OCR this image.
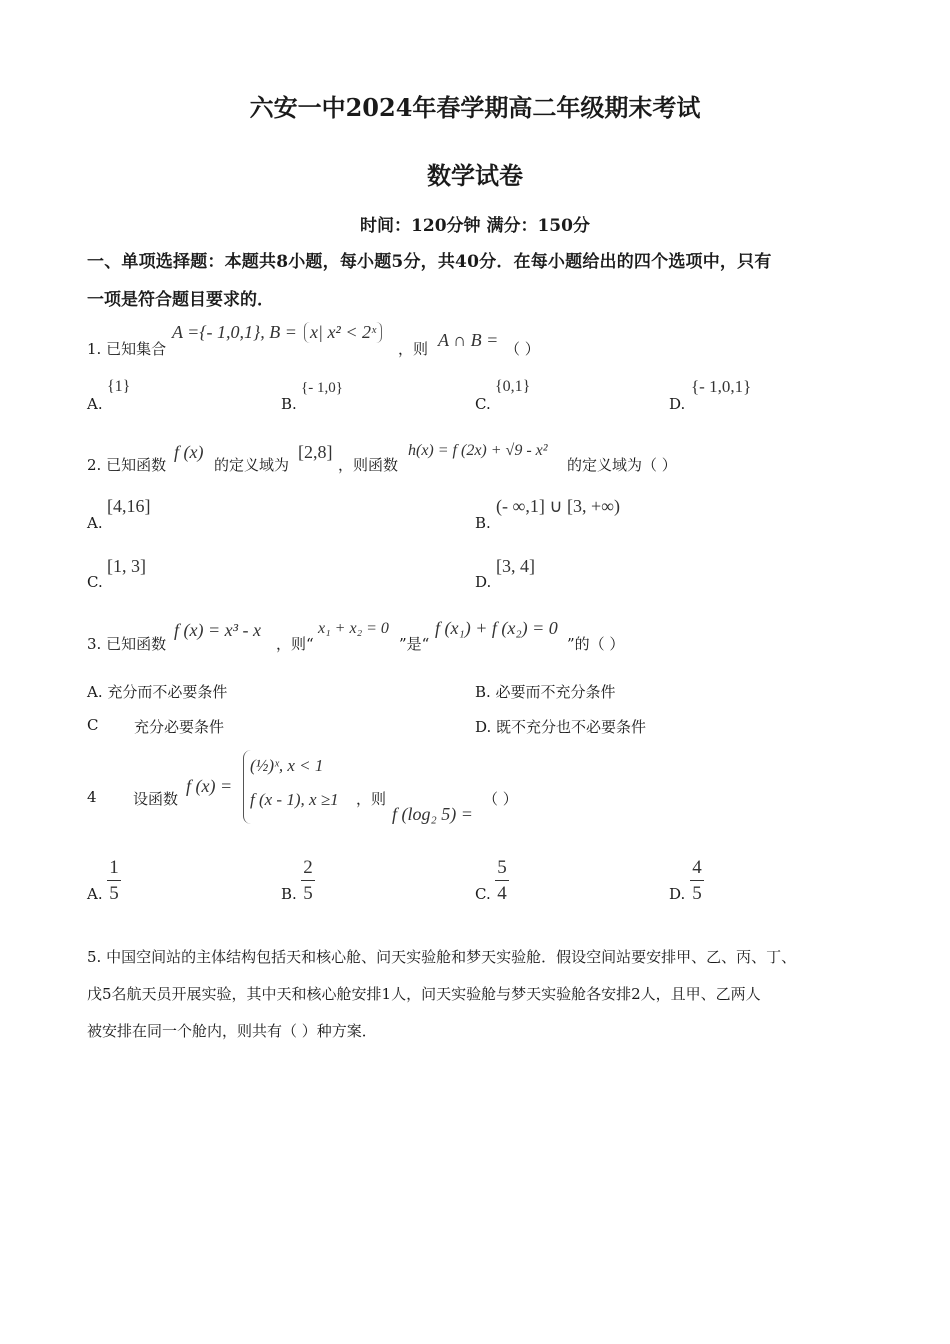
六安一中2024年春学期高二年级期末考试
数学试卷
时间：120分钟 满分：150分
一、单项选择题：本题共8小题，每小题5分，共40分．在每小题给出的四个选项中，只有
一项是符合题目要求的．
1. 已知集合
A ={- 1,0,1}, B = x| x² < 2ˣ
，则 A ∩ B = （ ）
A.
{1}
B.
{- 1,0}
C.
{0,1}
D.
{- 1,0,1}
2. 已知函数
f (x)
的定义域为
[2,8]
，则函数
h(x) = f (2x) + √9 - x²
的定义域为（ ）
A.
[4,16]
B.
(- ∞,1] ∪ [3, +∞)
C.
[1, 3]
D.
[3, 4]
3. 已知函数
f (x) = x³ - x
，则“
x₁ + x₂ = 0
”是“
f (x₁) + f (x₂) = 0
”的（ ）
A. 充分而不必要条件	B. 必要而不充分条件
C 充分必要条件	D. 既不充分也不必要条件
4 设函数
f (x) =
(½)ˣ, x < 1
f (x - 1), x ≥1 ，则
f (log₂ 5) =
（ ）
A.
1
5	B.
2
5	C.
5
4	D.
4
5
5. 中国空间站的主体结构包括天和核心舱、问天实验舱和梦天实验舱．假设空间站要安排甲、乙、丙、丁、
戊5名航天员开展实验，其中天和核心舱安排1人，问天实验舱与梦天实验舱各安排2人，且甲、乙两人
被安排在同一个舱内，则共有（ ）种方案．
